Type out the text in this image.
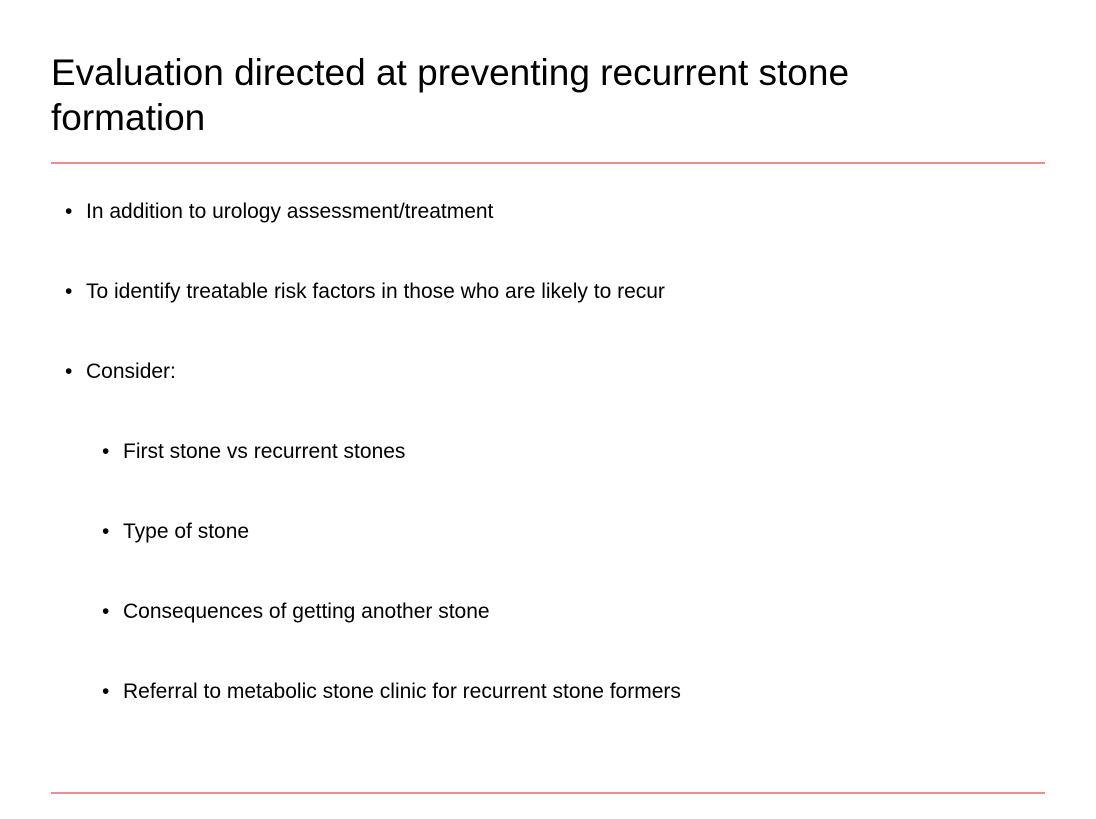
Evaluation directed at preventing recurrent stone formation
• In addition to urology assessment/treatment
• To identify treatable risk factors in those who are likely to recur
• Consider:
• First stone vs recurrent stones
• Type of stone
• Consequences of getting another stone
• Referral to metabolic stone clinic for recurrent stone formers
